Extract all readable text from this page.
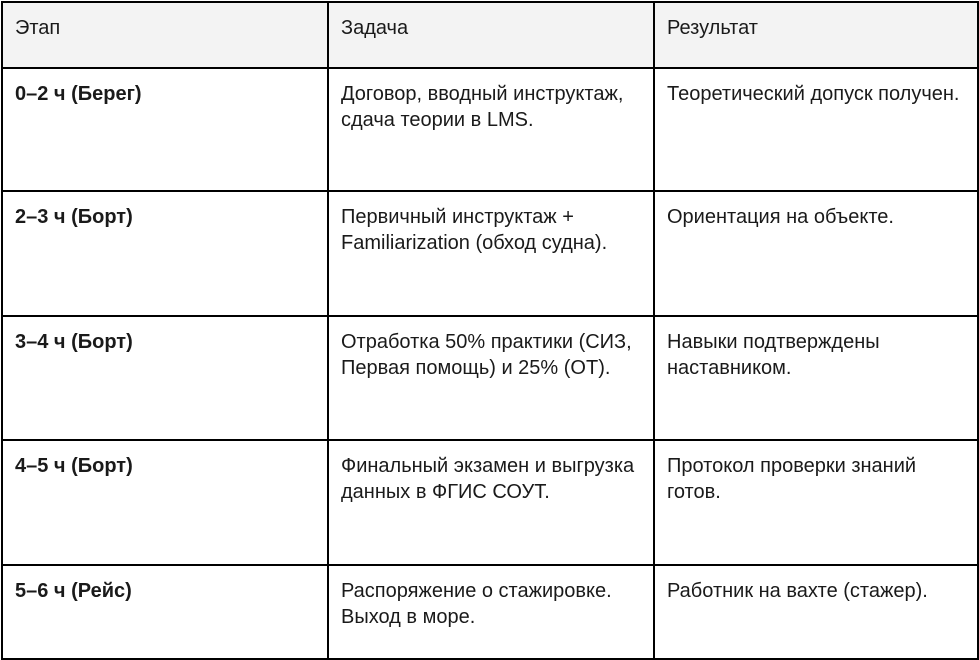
Этап	Задача	Результат
0–2 ч (Берег)	Договор, вводный инструктаж, сдача теории в LMS.	Теоретический допуск получен.
2–3 ч (Борт)	Первичный инструктаж + Familiarization (обход судна).	Ориентация на объекте.
3–4 ч (Борт)	Отработка 50% практики (СИЗ, Первая помощь) и 25% (ОТ).	Навыки подтверждены наставником.
4–5 ч (Борт)	Финальный экзамен и выгрузка данных в ФГИС СОУТ.	Протокол проверки знаний готов.
5–6 ч (Рейс)	Распоряжение о стажировке. Выход в море.	Работник на вахте (стажер).
